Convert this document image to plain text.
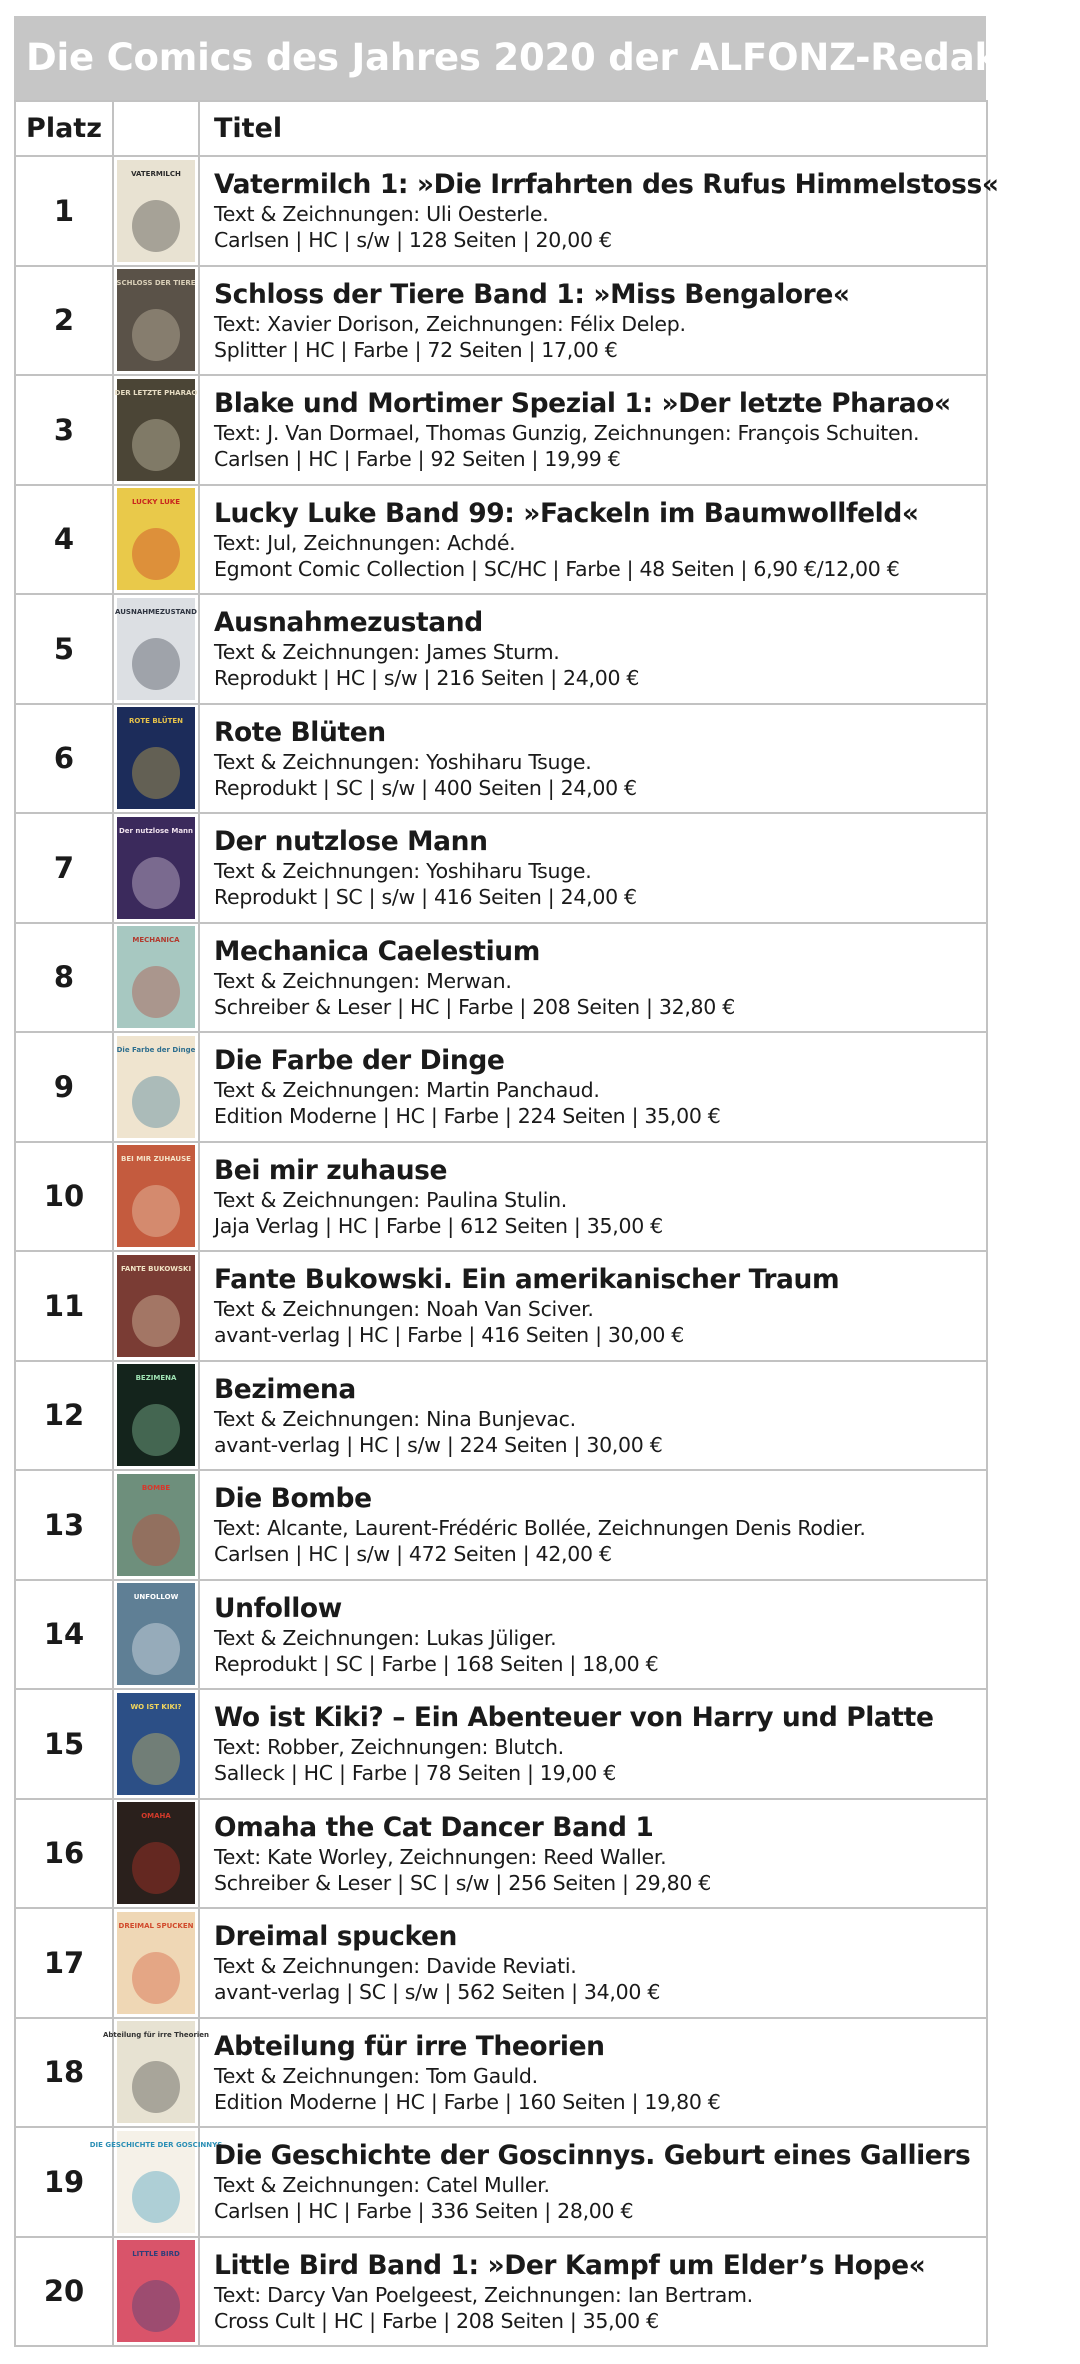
Die Comics des Jahres 2020 der ALFONZ-Redaktion
Platz		Titel
1	VATERMILCH	Vatermilch 1: »Die Irrfahrten des Rufus Himmelstoss«
Text & Zeichnungen: Uli Oesterle.
Carlsen | HC | s/w | 128 Seiten | 20,00 €

2	SCHLOSS DER TIERE	Schloss der Tiere Band 1: »Miss Bengalore«
Text: Xavier Dorison, Zeichnungen: Félix Delep.
Splitter | HC | Farbe | 72 Seiten | 17,00 €

3	DER LETZTE PHARAO	Blake und Mortimer Spezial 1: »Der letzte Pharao«
Text: J. Van Dormael, Thomas Gunzig, Zeichnungen: François Schuiten.
Carlsen | HC | Farbe | 92 Seiten | 19,99 €

4	LUCKY LUKE	Lucky Luke Band 99: »Fackeln im Baumwollfeld«
Text: Jul, Zeichnungen: Achdé.
Egmont Comic Collection | SC/HC | Farbe | 48 Seiten | 6,90 €/12,00 €

5	AUSNAHMEZUSTAND	Ausnahmezustand
Text & Zeichnungen: James Sturm.
Reprodukt | HC | s/w | 216 Seiten | 24,00 €

6	ROTE BLÜTEN	Rote Blüten
Text & Zeichnungen: Yoshiharu Tsuge.
Reprodukt | SC | s/w | 400 Seiten | 24,00 €

7	Der nutzlose Mann	Der nutzlose Mann
Text & Zeichnungen: Yoshiharu Tsuge.
Reprodukt | SC | s/w | 416 Seiten | 24,00 €

8	MECHANICA	Mechanica Caelestium
Text & Zeichnungen: Merwan.
Schreiber & Leser | HC | Farbe | 208 Seiten | 32,80 €

9	Die Farbe der Dinge	Die Farbe der Dinge
Text & Zeichnungen: Martin Panchaud.
Edition Moderne | HC | Farbe | 224 Seiten | 35,00 €

10	BEI MIR ZUHAUSE	Bei mir zuhause
Text & Zeichnungen: Paulina Stulin.
Jaja Verlag | HC | Farbe | 612 Seiten | 35,00 €

11	FANTE BUKOWSKI	Fante Bukowski. Ein amerikanischer Traum
Text & Zeichnungen: Noah Van Sciver.
avant-verlag | HC | Farbe | 416 Seiten | 30,00 €

12	BEZIMENA	Bezimena
Text & Zeichnungen: Nina Bunjevac.
avant-verlag | HC | s/w | 224 Seiten | 30,00 €

13	BOMBE	Die Bombe
Text: Alcante, Laurent-Frédéric Bollée, Zeichnungen Denis Rodier.
Carlsen | HC | s/w | 472 Seiten | 42,00 €

14	UNFOLLOW	Unfollow
Text & Zeichnungen: Lukas Jüliger.
Reprodukt | SC | Farbe | 168 Seiten | 18,00 €

15	WO IST KIKI?	Wo ist Kiki? – Ein Abenteuer von Harry und Platte
Text: Robber, Zeichnungen: Blutch.
Salleck | HC | Farbe | 78 Seiten | 19,00 €

16	OMAHA	Omaha the Cat Dancer Band 1
Text: Kate Worley, Zeichnungen: Reed Waller.
Schreiber & Leser | SC | s/w | 256 Seiten | 29,80 €

17	DREIMAL SPUCKEN	Dreimal spucken
Text & Zeichnungen: Davide Reviati.
avant-verlag | SC | s/w | 562 Seiten | 34,00 €

18	Abteilung für irre Theorien	Abteilung für irre Theorien
Text & Zeichnungen: Tom Gauld.
Edition Moderne | HC | Farbe | 160 Seiten | 19,80 €

19	DIE GESCHICHTE DER GOSCINNYS	Die Geschichte der Goscinnys. Geburt eines Galliers
Text & Zeichnungen: Catel Muller.
Carlsen | HC | Farbe | 336 Seiten | 28,00 €

20	LITTLE BIRD	Little Bird Band 1: »Der Kampf um Elder’s Hope«
Text: Darcy Van Poelgeest, Zeichnungen: Ian Bertram.
Cross Cult | HC | Farbe | 208 Seiten | 35,00 €
